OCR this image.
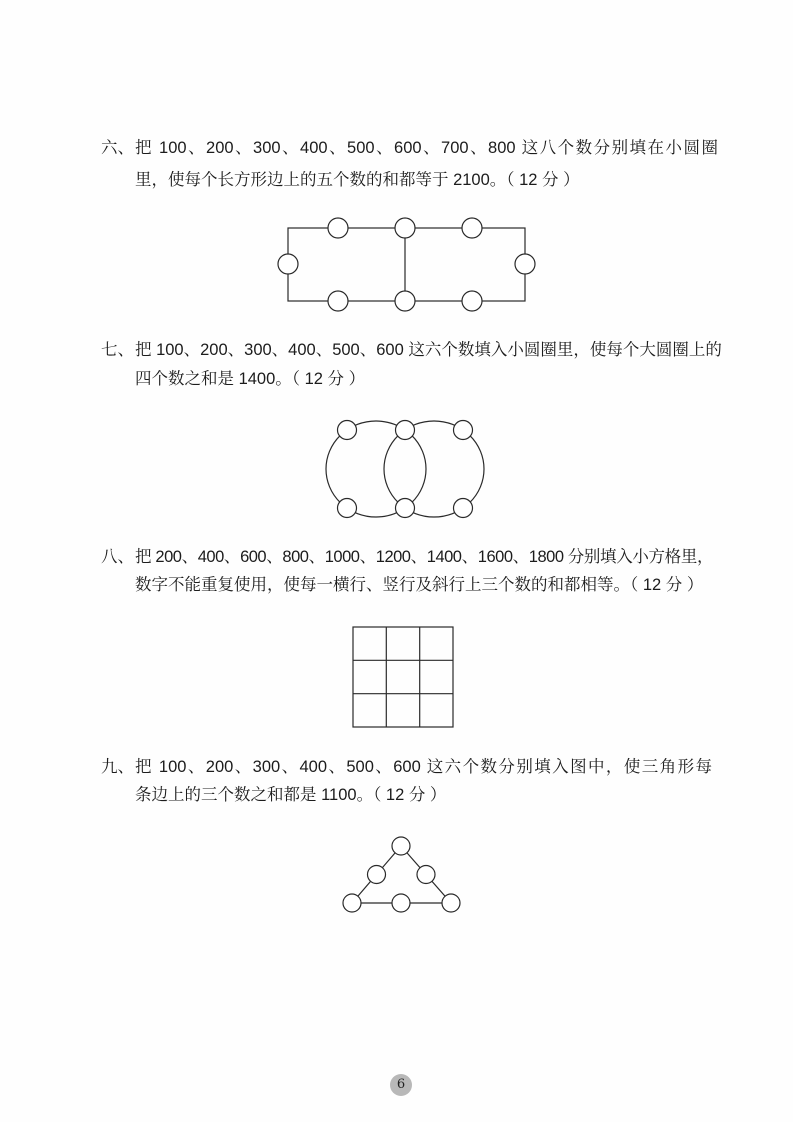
六、 把 100、200、300、400、500、600、700、800 这八个数分别填在小圆圈
里，使每个长方形边上的五个数的和都等于 2100。（ 12 分 ）
七、 把 100、200、300、400、500、600 这六个数填入小圆圈里，使每个大圆圈上的
四个数之和是 1400。（ 12 分 ）
八、 把 200、400、600、800、1000、1200、1400、1600、1800 分别填入小方格里，
数字不能重复使用，使每一横行、竖行及斜行上三个数的和都相等。（ 12 分 ）
九、 把 100、200、300、400、500、600 这六个数分别填入图中，使三角形每
条边上的三个数之和都是 1100。（ 12 分 ）
6
